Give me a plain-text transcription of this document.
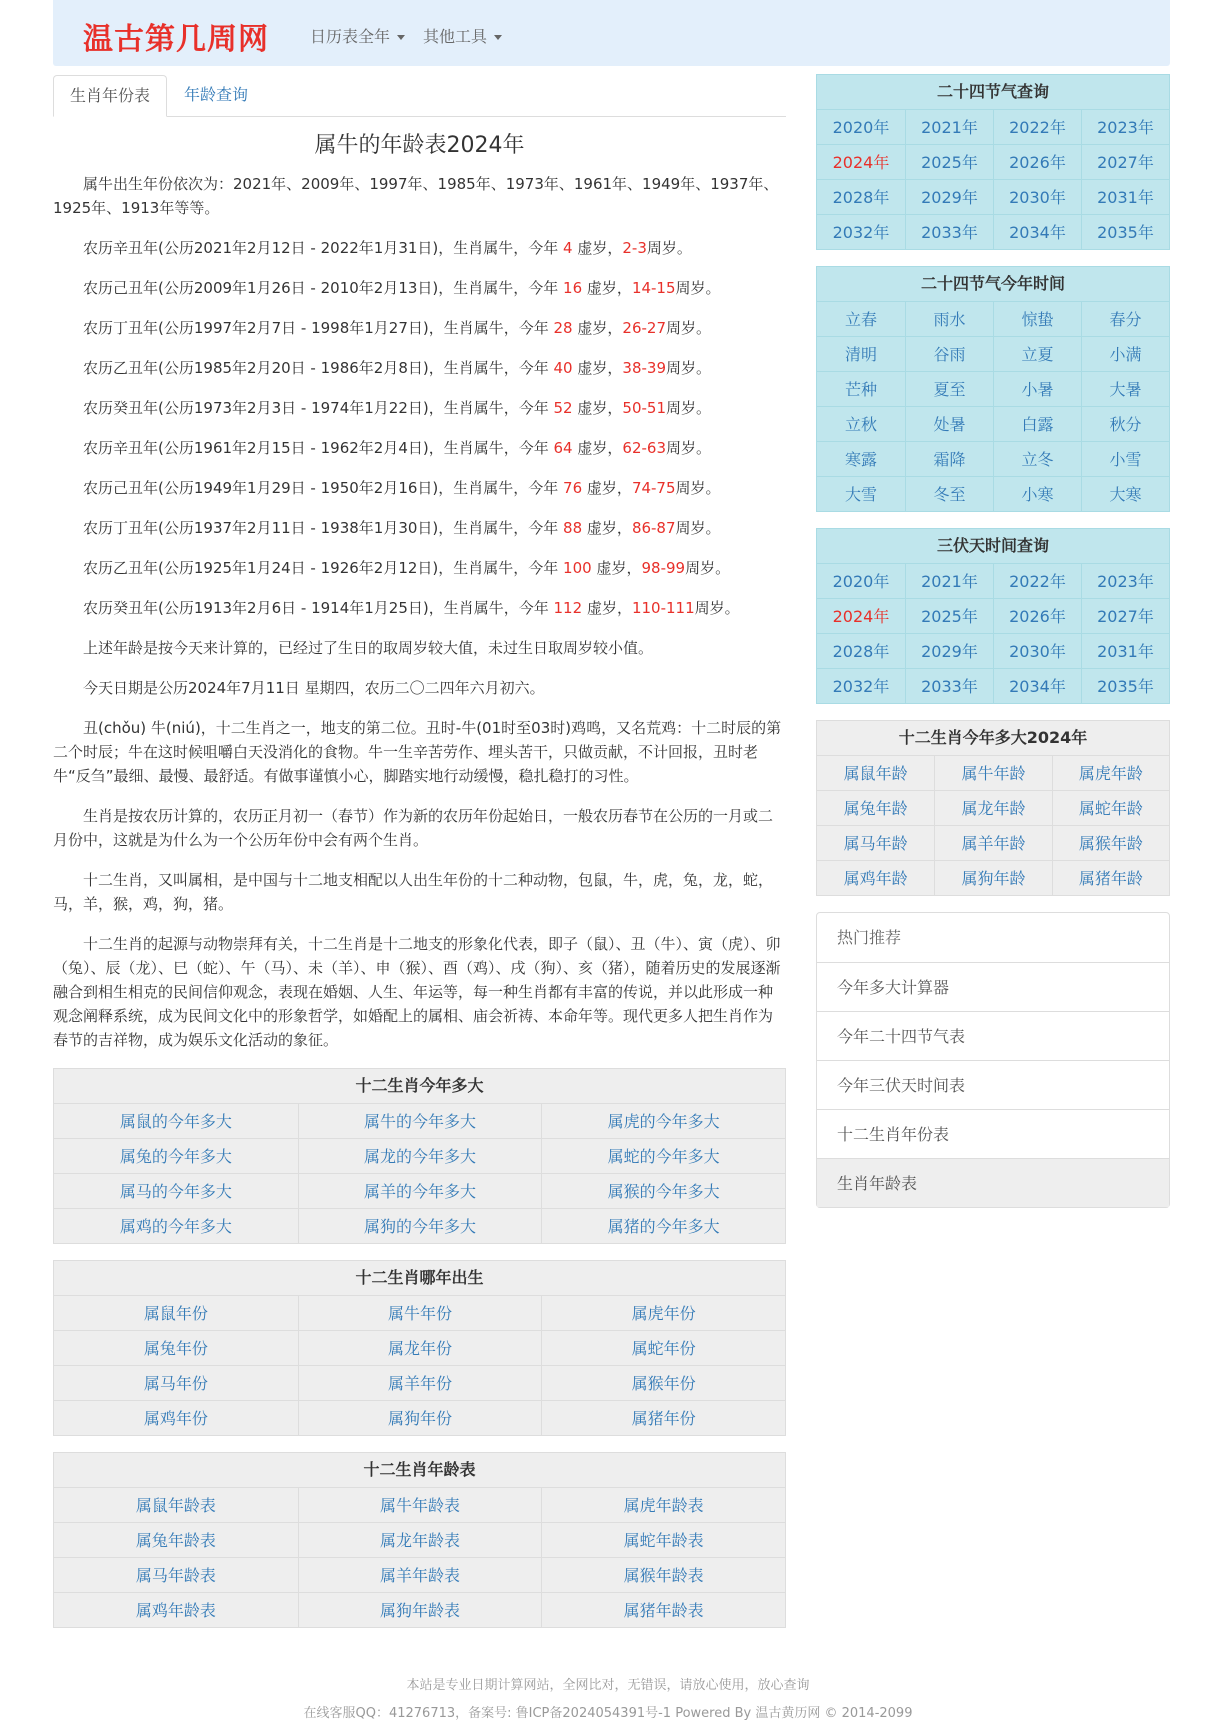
温古第几周网	日历表全年	其他工具
生肖年份表	年龄查询
属牛的年龄表2024年

属牛出生年份依次为：2021年、2009年、1997年、1985年、1973年、1961年、1949年、1937年、1925年、1913年等等。

农历辛丑年(公历2021年2月12日 - 2022年1月31日)，生肖属牛，今年 4 虚岁，2-3周岁。

农历己丑年(公历2009年1月26日 - 2010年2月13日)，生肖属牛，今年 16 虚岁，14-15周岁。

农历丁丑年(公历1997年2月7日 - 1998年1月27日)，生肖属牛，今年 28 虚岁，26-27周岁。

农历乙丑年(公历1985年2月20日 - 1986年2月8日)，生肖属牛，今年 40 虚岁，38-39周岁。

农历癸丑年(公历1973年2月3日 - 1974年1月22日)，生肖属牛，今年 52 虚岁，50-51周岁。

农历辛丑年(公历1961年2月15日 - 1962年2月4日)，生肖属牛，今年 64 虚岁，62-63周岁。

农历己丑年(公历1949年1月29日 - 1950年2月16日)，生肖属牛，今年 76 虚岁，74-75周岁。

农历丁丑年(公历1937年2月11日 - 1938年1月30日)，生肖属牛，今年 88 虚岁，86-87周岁。

农历乙丑年(公历1925年1月24日 - 1926年2月12日)，生肖属牛，今年 100 虚岁，98-99周岁。

农历癸丑年(公历1913年2月6日 - 1914年1月25日)，生肖属牛，今年 112 虚岁，110-111周岁。

上述年龄是按今天来计算的，已经过了生日的取周岁较大值，未过生日取周岁较小值。

今天日期是公历2024年7月11日 星期四，农历二〇二四年六月初六。

丑(chǒu) 牛(niú)，十二生肖之一，地支的第二位。丑时-牛(01时至03时)鸡鸣，又名荒鸡：十二时辰的第二个时辰；牛在这时候咀嚼白天没消化的食物。牛一生辛苦劳作、埋头苦干，只做贡献，不计回报，丑时老牛“反刍”最细、最慢、最舒适。有做事谨慎小心，脚踏实地行动缓慢，稳扎稳打的习性。

生肖是按农历计算的，农历正月初一（春节）作为新的农历年份起始日，一般农历春节在公历的一月或二月份中，这就是为什么为一个公历年份中会有两个生肖。

十二生肖，又叫属相，是中国与十二地支相配以人出生年份的十二种动物，包鼠，牛，虎，兔，龙，蛇，马，羊，猴，鸡，狗，猪。

十二生肖的起源与动物崇拜有关，十二生肖是十二地支的形象化代表，即子（鼠）、丑（牛）、寅（虎）、卯（兔）、辰（龙）、巳（蛇）、午（马）、未（羊）、申（猴）、酉（鸡）、戌（狗）、亥（猪），随着历史的发展逐渐融合到相生相克的民间信仰观念，表现在婚姻、人生、年运等，每一种生肖都有丰富的传说，并以此形成一种观念阐释系统，成为民间文化中的形象哲学，如婚配上的属相、庙会祈祷、本命年等。现代更多人把生肖作为春节的吉祥物，成为娱乐文化活动的象征。

十二生肖今年多大
属鼠的今年多大	属牛的今年多大	属虎的今年多大
属兔的今年多大	属龙的今年多大	属蛇的今年多大
属马的今年多大	属羊的今年多大	属猴的今年多大
属鸡的今年多大	属狗的今年多大	属猪的今年多大
十二生肖哪年出生
属鼠年份	属牛年份	属虎年份
属兔年份	属龙年份	属蛇年份
属马年份	属羊年份	属猴年份
属鸡年份	属狗年份	属猪年份
十二生肖年龄表
属鼠年龄表	属牛年龄表	属虎年龄表
属兔年龄表	属龙年龄表	属蛇年龄表
属马年龄表	属羊年龄表	属猴年龄表
属鸡年龄表	属狗年龄表	属猪年龄表
二十四节气查询
2020年	2021年	2022年	2023年
2024年	2025年	2026年	2027年
2028年	2029年	2030年	2031年
2032年	2033年	2034年	2035年
二十四节气今年时间
立春	雨水	惊蛰	春分
清明	谷雨	立夏	小满
芒种	夏至	小暑	大暑
立秋	处暑	白露	秋分
寒露	霜降	立冬	小雪
大雪	冬至	小寒	大寒
三伏天时间查询
2020年	2021年	2022年	2023年
2024年	2025年	2026年	2027年
2028年	2029年	2030年	2031年
2032年	2033年	2034年	2035年
十二生肖今年多大2024年
属鼠年龄	属牛年龄	属虎年龄
属兔年龄	属龙年龄	属蛇年龄
属马年龄	属羊年龄	属猴年龄
属鸡年龄	属狗年龄	属猪年龄
热门推荐
今年多大计算器
今年二十四节气表
今年三伏天时间表
十二生肖年份表
生肖年龄表
本站是专业日期计算网站，全网比对，无错误，请放心使用，放心查询
在线客服QQ：41276713，备案号: 鲁ICP备2024054391号-1 Powered By 温古黄历网 © 2014-2099
